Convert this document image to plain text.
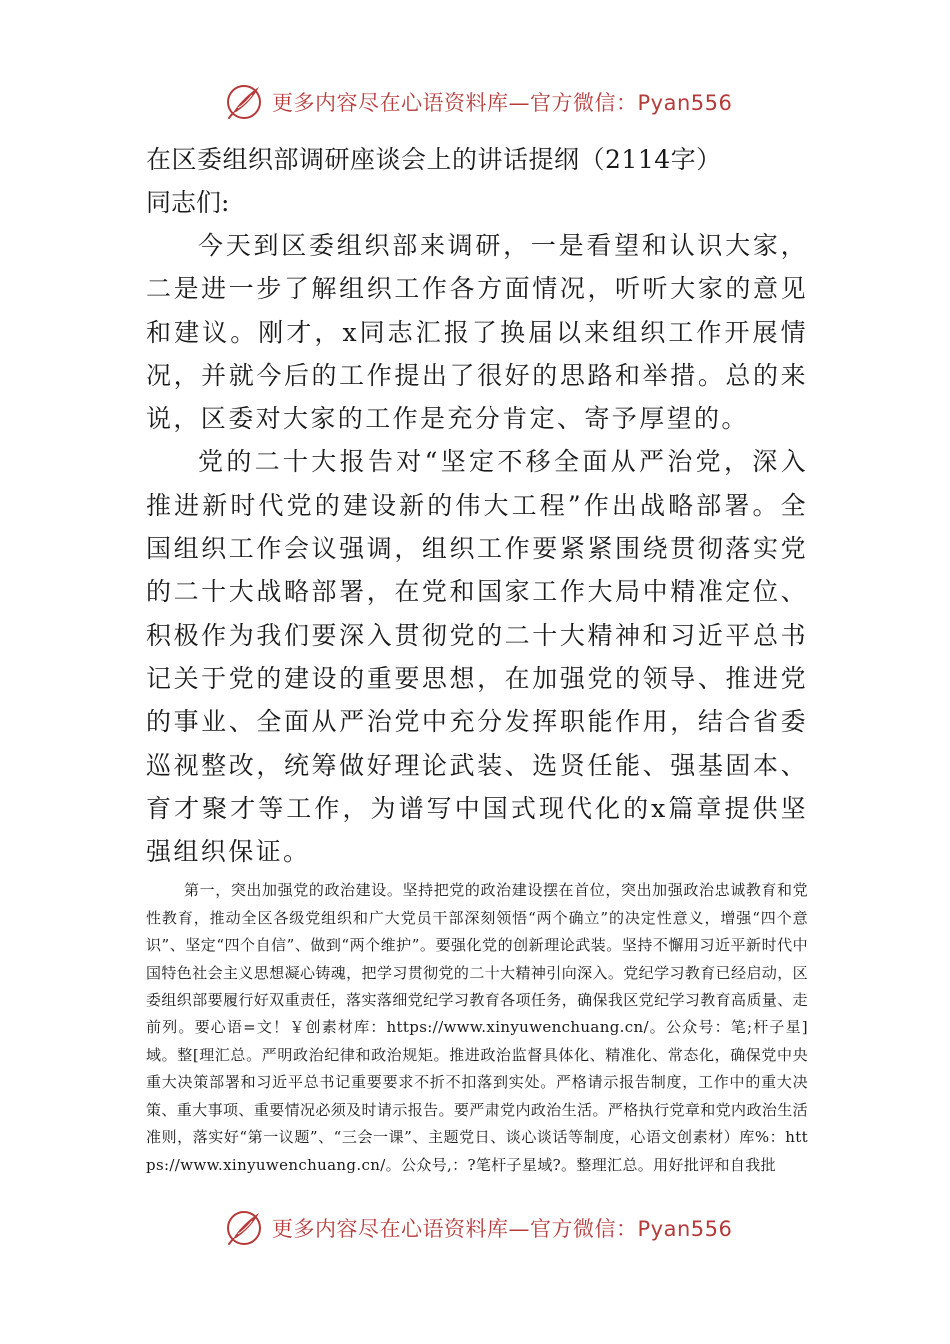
更多内容尽在心语资料库—官方微信：Pyan556
在区委组织部调研座谈会上的讲话提纲（2114字）

同志们:

今天到区委组织部来调研，一是看望和认识大家，二是进一步了解组织工作各方面情况，听听大家的意见和建议。刚才，x同志汇报了换届以来组织工作开展情况，并就今后的工作提出了很好的思路和举措。总的来说，区委对大家的工作是充分肯定、寄予厚望的。

党的二十大报告对“坚定不移全面从严治党，深入推进新时代党的建设新的伟大工程”作出战略部署。全国组织工作会议强调，组织工作要紧紧围绕贯彻落实党的二十大战略部署，在党和国家工作大局中精准定位、积极作为我们要深入贯彻党的二十大精神和习近平总书记关于党的建设的重要思想，在加强党的领导、推进党的事业、全面从严治党中充分发挥职能作用，结合省委巡视整改，统筹做好理论武装、选贤任能、强基固本、育才聚才等工作，为谱写中国式现代化的x篇章提供坚强组织保证。

第一，突出加强党的政治建设。坚持把党的政治建设摆在首位，突出加强政治忠诚教育和党性教育，推动全区各级党组织和广大党员干部深刻领悟“两个确立”的决定性意义，增强“四个意识”、坚定“四个自信”、做到“两个维护”。要强化党的创新理论武装。坚持不懈用习近平新时代中国特色社会主义思想凝心铸魂，把学习贯彻党的二十大精神引向深入。党纪学习教育已经启动，区委组织部要履行好双重责任，落实落细党纪学习教育各项任务，确保我区党纪学习教育高质量、走前列。要心语=文！￥创素材库：https://www.xinyuwenchuang.cn/。公众号：笔;杆子星]域。整[理汇总。严明政治纪律和政治规矩。推进政治监督具体化、精准化、常态化，确保党中央重大决策部署和习近平总书记重要要求不折不扣落到实处。严格请示报告制度，工作中的重大决策、重大事项、重要情况必须及时请示报告。要严肃党内政治生活。严格执行党章和党内政治生活准则，落实好“第一议题”、“三会一课”、主题党日、谈心谈话等制度，心语文创素材）库%：https://www.xinyuwenchuang.cn/。公众号,：?笔杆子星域?。整理汇总。用好批评和自我批

更多内容尽在心语资料库—官方微信：Pyan556
